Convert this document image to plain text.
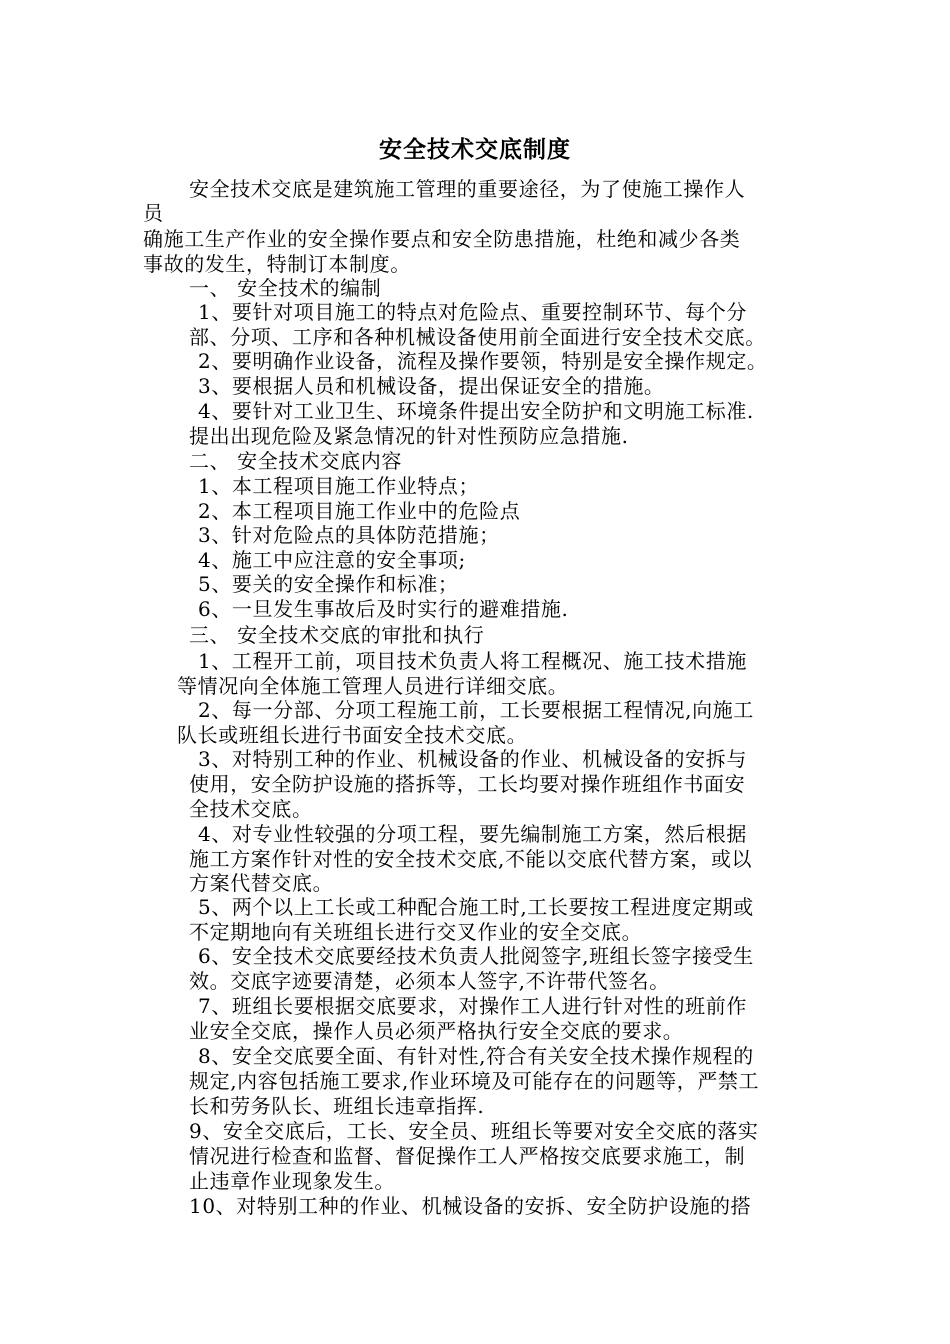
安全技术交底制度
安全技术交底是建筑施工管理的重要途径，为了使施工操作人
员
确施工生产作业的安全操作要点和安全防患措施，杜绝和减少各类
事故的发生，特制订本制度。
一、 安全技术的编制
1、要针对项目施工的特点对危险点、重要控制环节、每个分
部、分项、工序和各种机械设备使用前全面进行安全技术交底。
2、要明确作业设备，流程及操作要领，特别是安全操作规定。
3、要根据人员和机械设备，提出保证安全的措施。
4、要针对工业卫生、环境条件提出安全防护和文明施工标准.
提出出现危险及紧急情况的针对性预防应急措施.
二、 安全技术交底内容
1、本工程项目施工作业特点；
2、本工程项目施工作业中的危险点
3、针对危险点的具体防范措施；
4、施工中应注意的安全事项;
5、要关的安全操作和标准；
6、一旦发生事故后及时实行的避难措施.
三、 安全技术交底的审批和执行
1、工程开工前，项目技术负责人将工程概况、施工技术措施
等情况向全体施工管理人员进行详细交底。
2、每一分部、分项工程施工前，工长要根据工程情况,向施工
队长或班组长进行书面安全技术交底。
3、对特别工种的作业、机械设备的作业、机械设备的安拆与
使用，安全防护设施的搭拆等，工长均要对操作班组作书面安
全技术交底。
4、对专业性较强的分项工程，要先编制施工方案，然后根据
施工方案作针对性的安全技术交底,不能以交底代替方案，或以
方案代替交底。
5、两个以上工长或工种配合施工时,工长要按工程进度定期或
不定期地向有关班组长进行交叉作业的安全交底。
6、安全技术交底要经技术负责人批阅签字,班组长签字接受生
效。交底字迹要清楚，必须本人签字,不许带代签名。
7、班组长要根据交底要求，对操作工人进行针对性的班前作
业安全交底，操作人员必须严格执行安全交底的要求。
8、安全交底要全面、有针对性,符合有关安全技术操作规程的
规定,内容包括施工要求,作业环境及可能存在的问题等，严禁工
长和劳务队长、班组长违章指挥.
9、安全交底后，工长、安全员、班组长等要对安全交底的落实
情况进行检查和监督、督促操作工人严格按交底要求施工，制
止违章作业现象发生。
10、对特别工种的作业、机械设备的安拆、安全防护设施的搭
